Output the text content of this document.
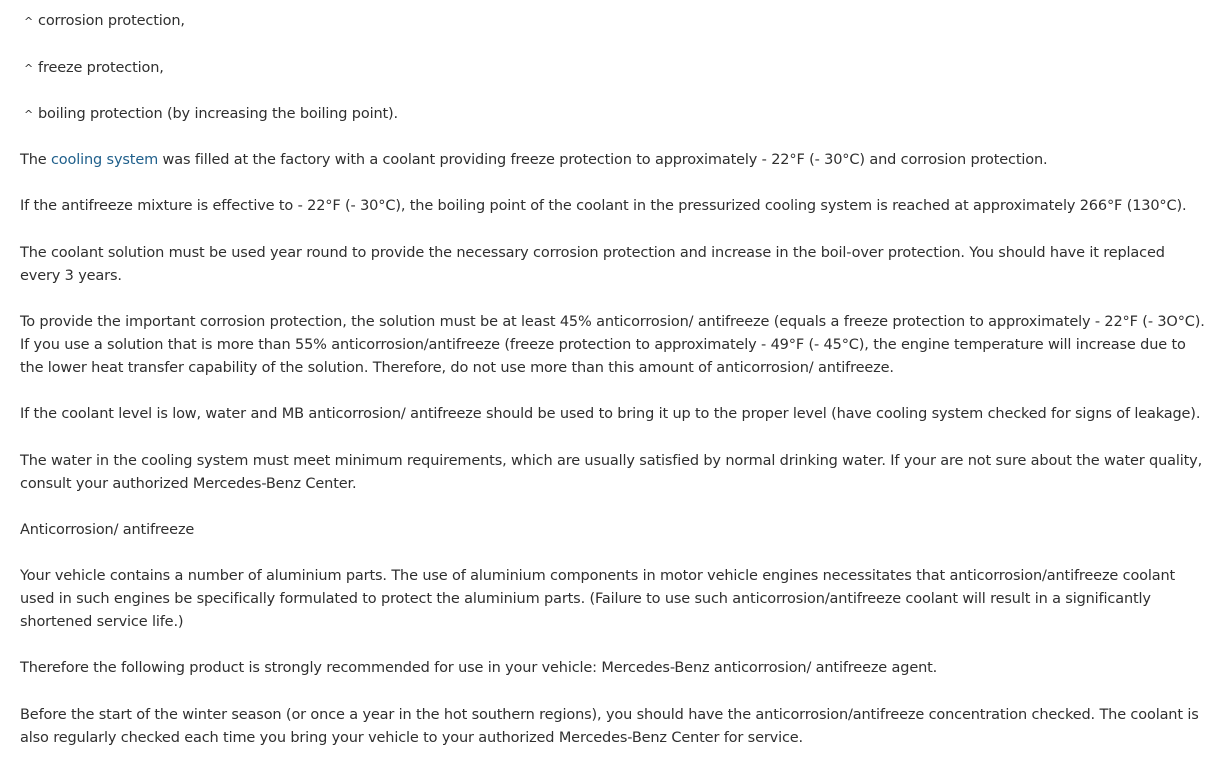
^ corrosion protection,
^ freeze protection,
^ boiling protection (by increasing the boiling point).

The cooling system was filled at the factory with a coolant providing freeze protection to approximately - 22°F (- 30°C) and corrosion protection.

If the antifreeze mixture is effective to - 22°F (- 30°C), the boiling point of the coolant in the pressurized cooling system is reached at approximately 266°F (130°C).

The coolant solution must be used year round to provide the necessary corrosion protection and increase in the boil-over protection. You should have it replaced every 3 years.

To provide the important corrosion protection, the solution must be at least 45% anticorrosion/ antifreeze (equals a freeze protection to approximately - 22°F (- 3O°C). If you use a solution that is more than 55% anticorrosion/antifreeze (freeze protection to approximately - 49°F (- 45°C), the engine temperature will increase due to the lower heat transfer capability of the solution. Therefore, do not use more than this amount of anticorrosion/ antifreeze.

If the coolant level is low, water and MB anticorrosion/ antifreeze should be used to bring it up to the proper level (have cooling system checked for signs of leakage).

The water in the cooling system must meet minimum requirements, which are usually satisfied by normal drinking water. If your are not sure about the water quality, consult your authorized Mercedes-Benz Center.

Anticorrosion/ antifreeze

Your vehicle contains a number of aluminium parts. The use of aluminium components in motor vehicle engines necessitates that anticorrosion/antifreeze coolant used in such engines be specifically formulated to protect the aluminium parts. (Failure to use such anticorrosion/antifreeze coolant will result in a significantly shortened service life.)

Therefore the following product is strongly recommended for use in your vehicle: Mercedes-Benz anticorrosion/ antifreeze agent.

Before the start of the winter season (or once a year in the hot southern regions), you should have the anticorrosion/antifreeze concentration checked. The coolant is also regularly checked each time you bring your vehicle to your authorized Mercedes-Benz Center for service.
